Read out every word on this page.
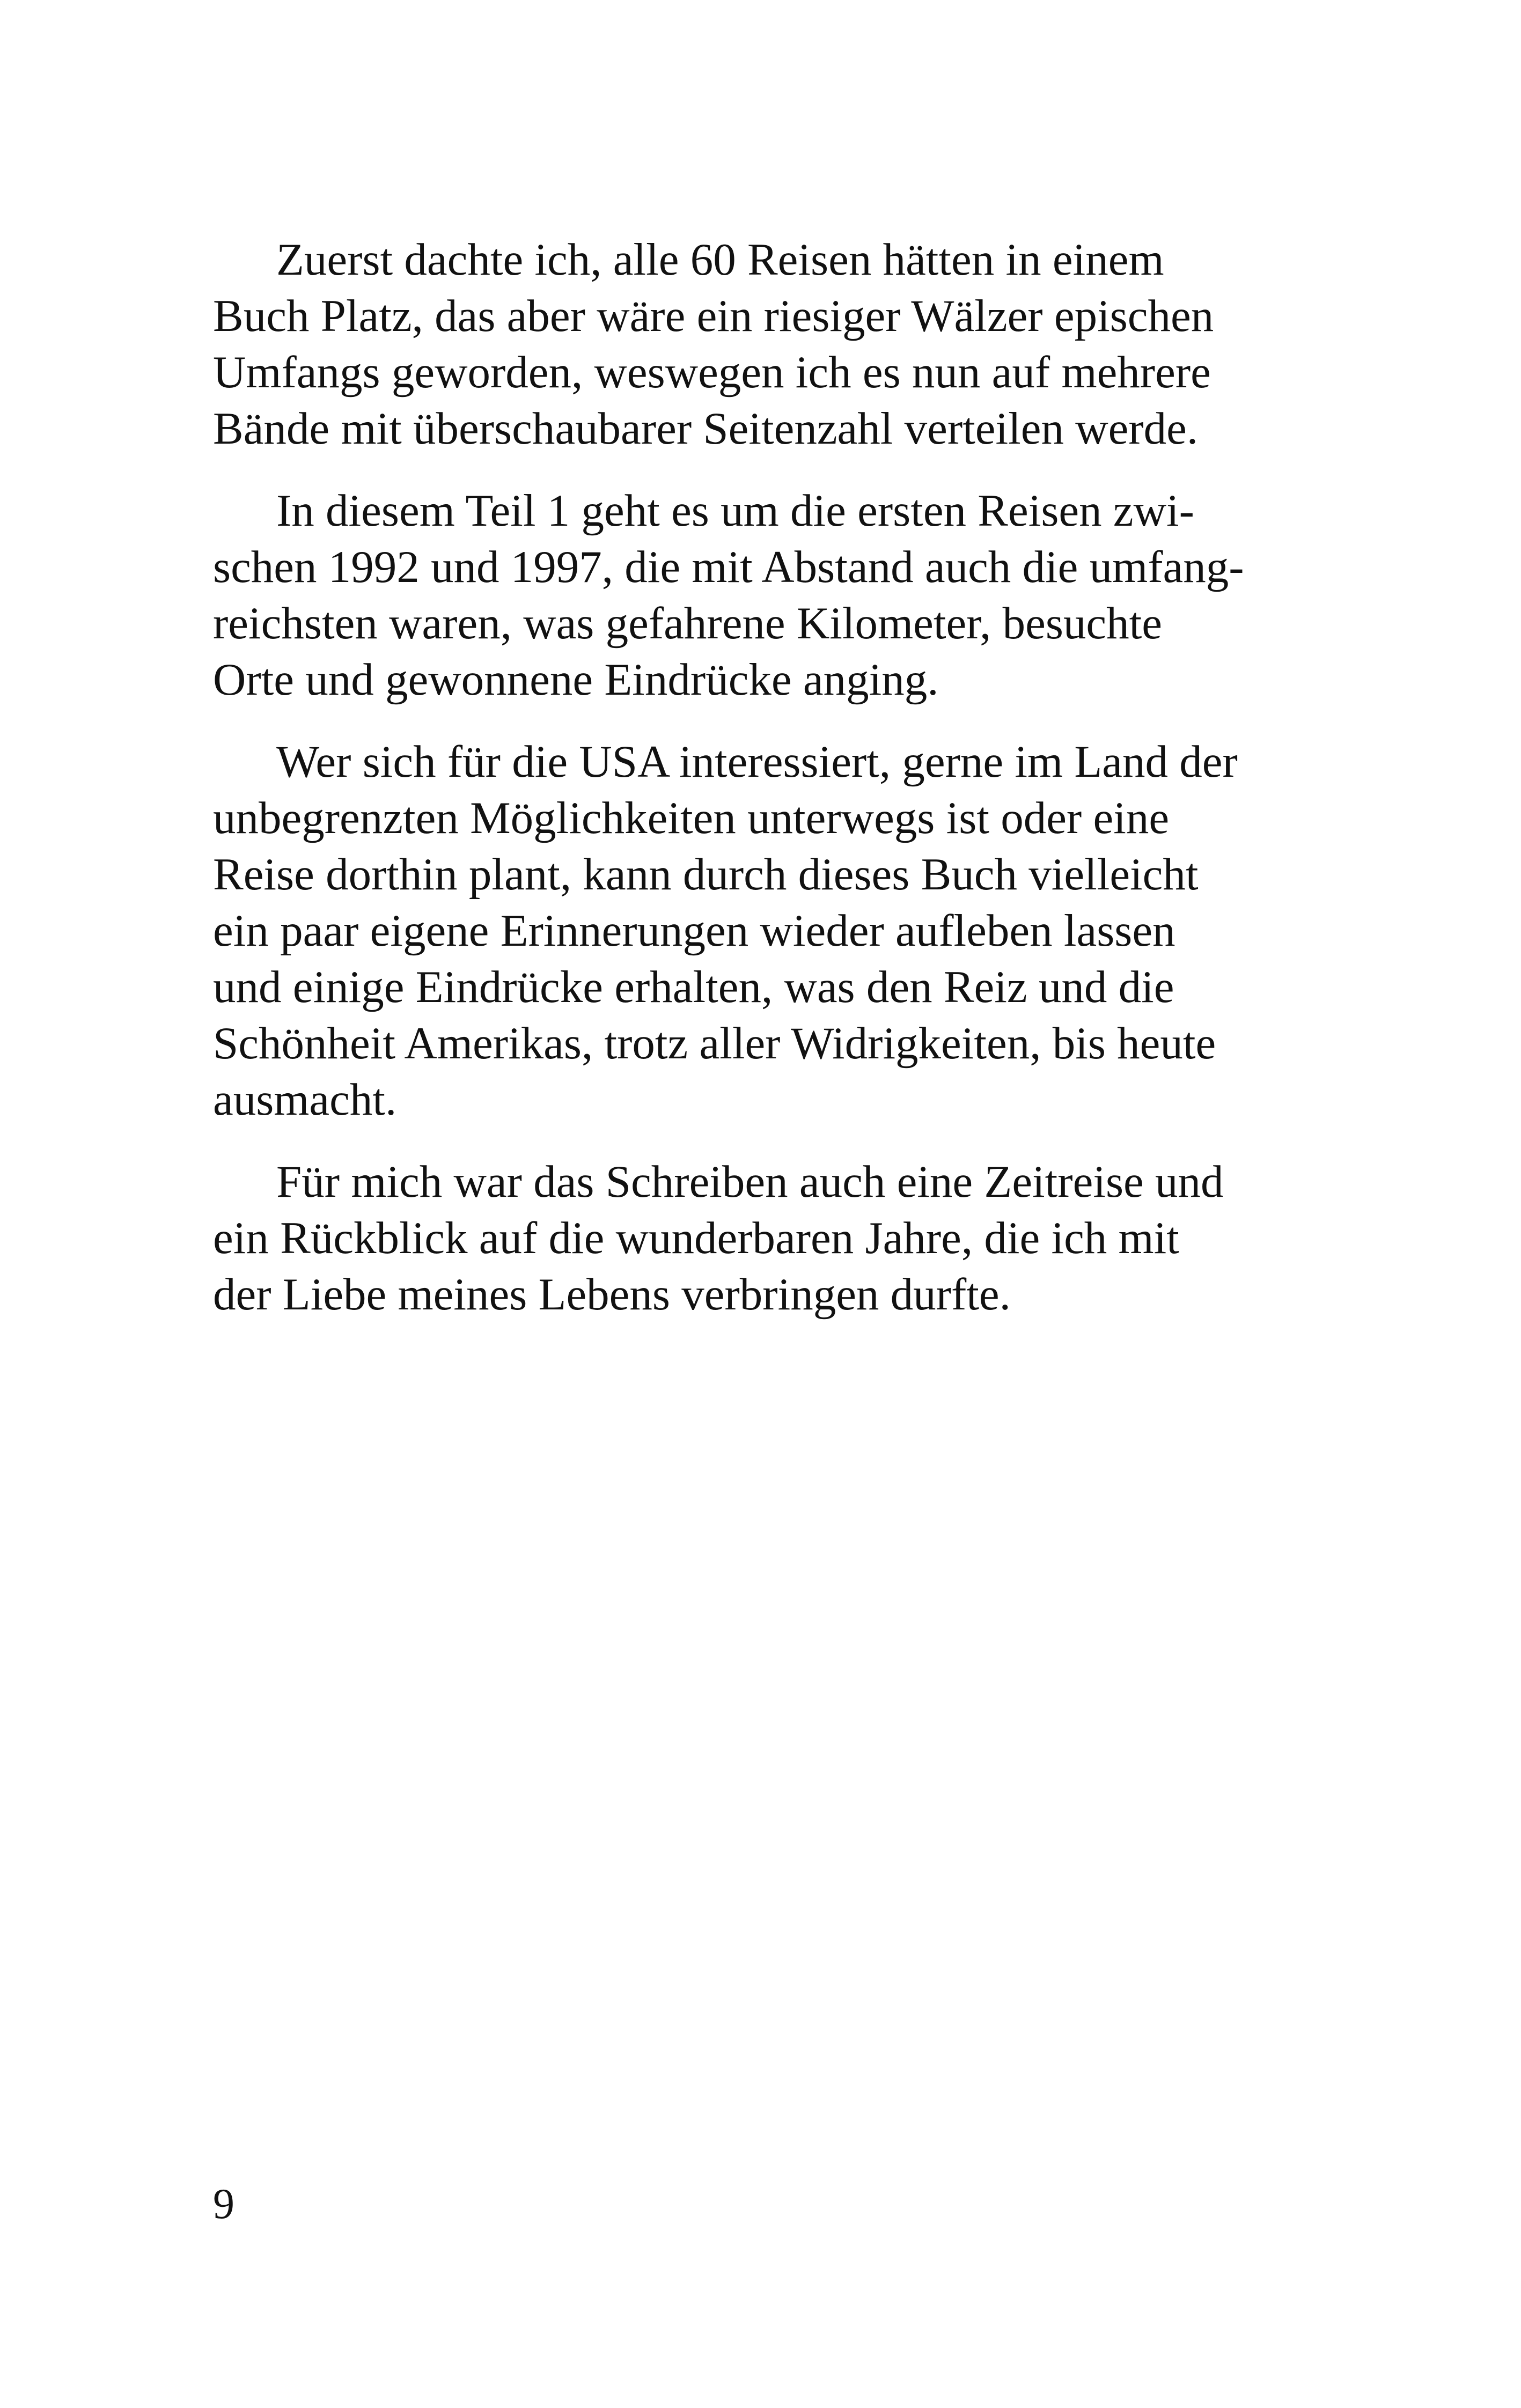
Zuerst dachte ich, alle 60 Reisen hätten in einem
Buch Platz, das aber wäre ein riesiger Wälzer epischen
Umfangs geworden, weswegen ich es nun auf mehrere
Bände mit überschaubarer Seitenzahl verteilen werde.

In diesem Teil 1 geht es um die ersten Reisen zwi-
schen 1992 und 1997, die mit Abstand auch die umfang-
reichsten waren, was gefahrene Kilometer, besuchte
Orte und gewonnene Eindrücke anging.

Wer sich für die USA interessiert, gerne im Land der
unbegrenzten Möglichkeiten unterwegs ist oder eine
Reise dorthin plant, kann durch dieses Buch vielleicht
ein paar eigene Erinnerungen wieder aufleben lassen
und einige Eindrücke erhalten, was den Reiz und die
Schönheit Amerikas, trotz aller Widrigkeiten, bis heute
ausmacht.

Für mich war das Schreiben auch eine Zeitreise und
ein Rückblick auf die wunderbaren Jahre, die ich mit
der Liebe meines Lebens verbringen durfte.

9
